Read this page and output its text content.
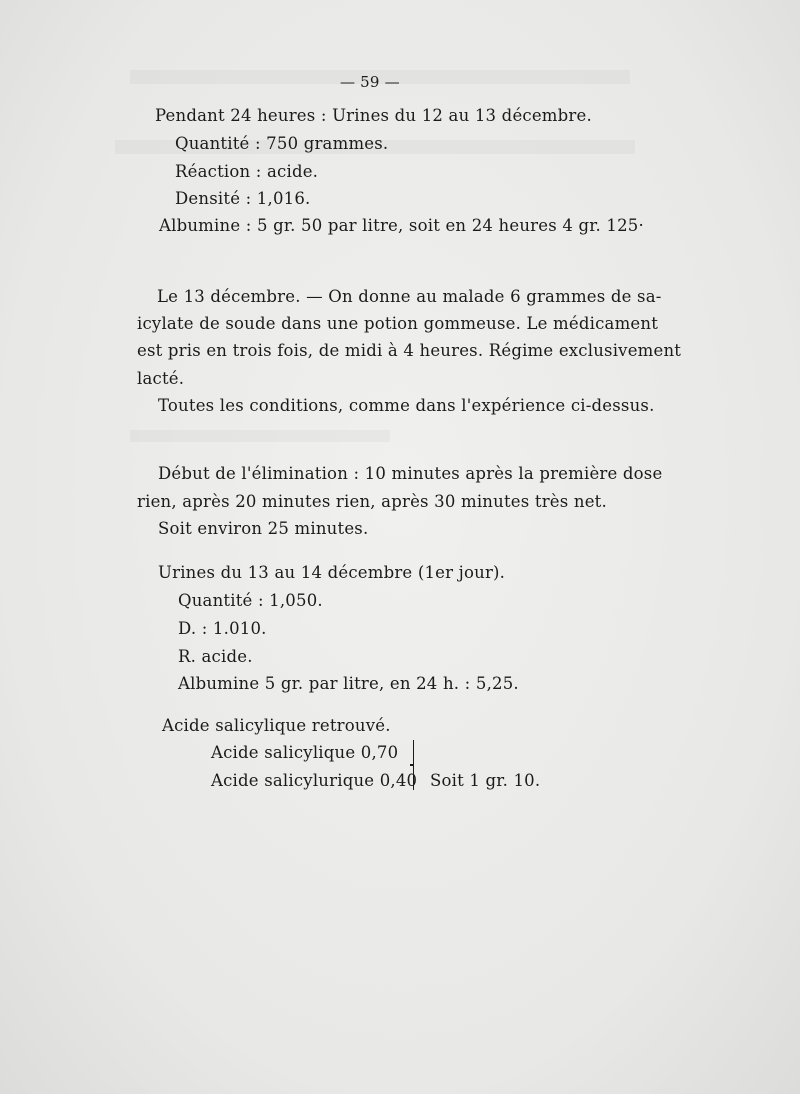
— 59 —
Pendant 24 heures : Urines du 12 au 13 décembre.
Quantité : 750 grammes.
Réaction : acide.
Densité : 1,016.
Albumine : 5 gr. 50 par litre, soit en 24 heures 4 gr. 125·
Le 13 décembre. — On donne au malade 6 grammes de sa-
icylate de soude dans une potion gommeuse. Le médicament
est pris en trois fois, de midi à 4 heures. Régime exclusivement
lacté.
Toutes les conditions, comme dans l'expérience ci-dessus.
Début de l'élimination : 10 minutes après la première dose
rien, après 20 minutes rien, après 30 minutes très net.
Soit environ 25 minutes.
Urines du 13 au 14 décembre (1er jour).
Quantité : 1,050.
D. : 1.010.
R. acide.
Albumine 5 gr. par litre, en 24 h. : 5,25.
Acide salicylique retrouvé.
Acide salicylique 0,70
Acide salicylurique 0,40 Soit 1 gr. 10.
